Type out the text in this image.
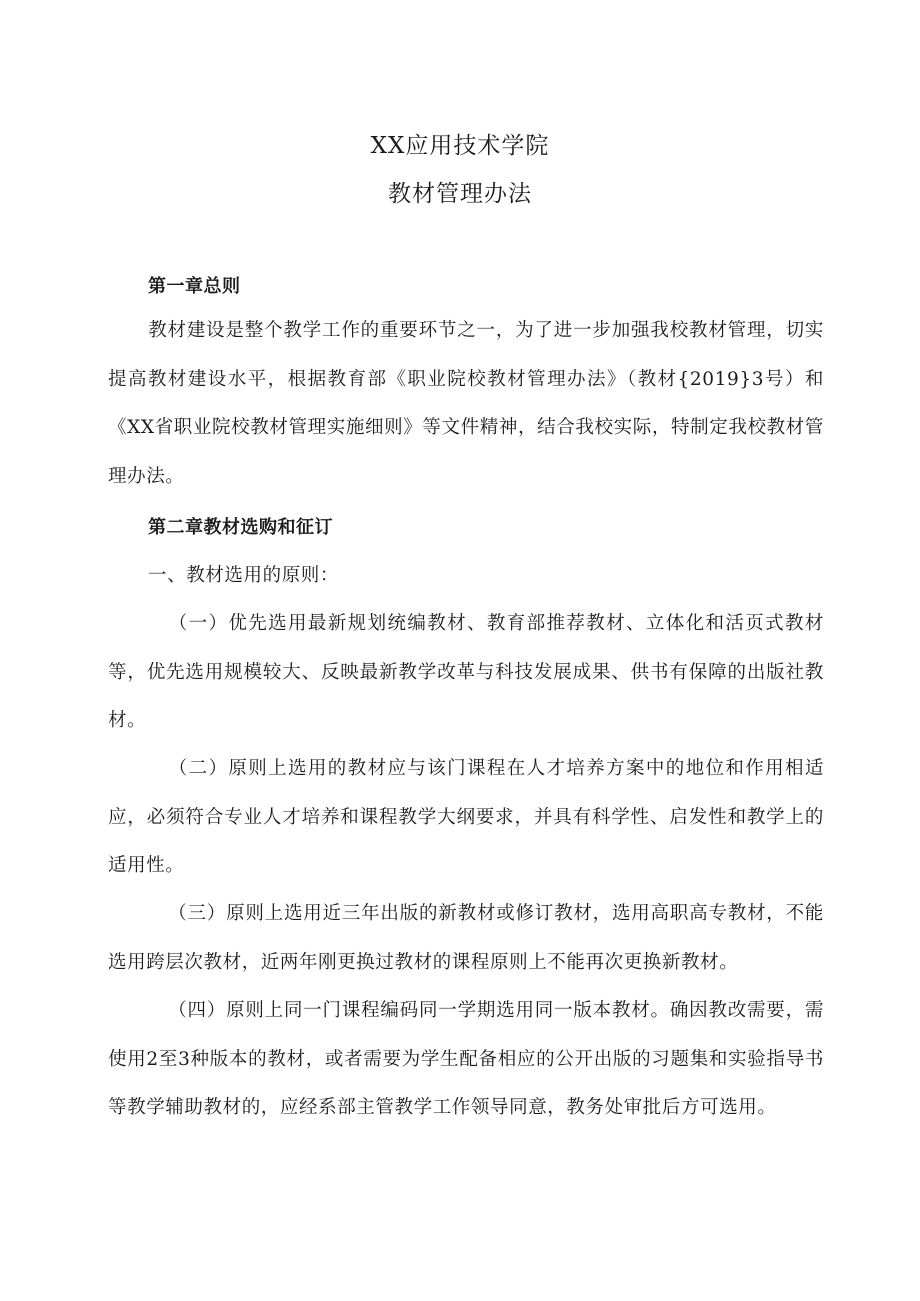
XX应用技术学院
教材管理办法
第一章总则
教材建设是整个教学工作的重要环节之一，为了进一步加强我校教材管理，切实提高教材建设水平，根据教育部《职业院校教材管理办法》（教材{2019}3号）和《XX省职业院校教材管理实施细则》等文件精神，结合我校实际，特制定我校教材管理办法。
第二章教材选购和征订
一、教材选用的原则：
（一）优先选用最新规划统编教材、教育部推荐教材、立体化和活页式教材等，优先选用规模较大、反映最新教学改革与科技发展成果、供书有保障的出版社教材。
（二）原则上选用的教材应与该门课程在人才培养方案中的地位和作用相适应，必须符合专业人才培养和课程教学大纲要求，并具有科学性、启发性和教学上的适用性。
（三）原则上选用近三年出版的新教材或修订教材，选用高职高专教材，不能选用跨层次教材，近两年刚更换过教材的课程原则上不能再次更换新教材。
（四）原则上同一门课程编码同一学期选用同一版本教材。确因教改需要，需使用2至3种版本的教材，或者需要为学生配备相应的公开出版的习题集和实验指导书等教学辅助教材的，应经系部主管教学工作领导同意，教务处审批后方可选用。
